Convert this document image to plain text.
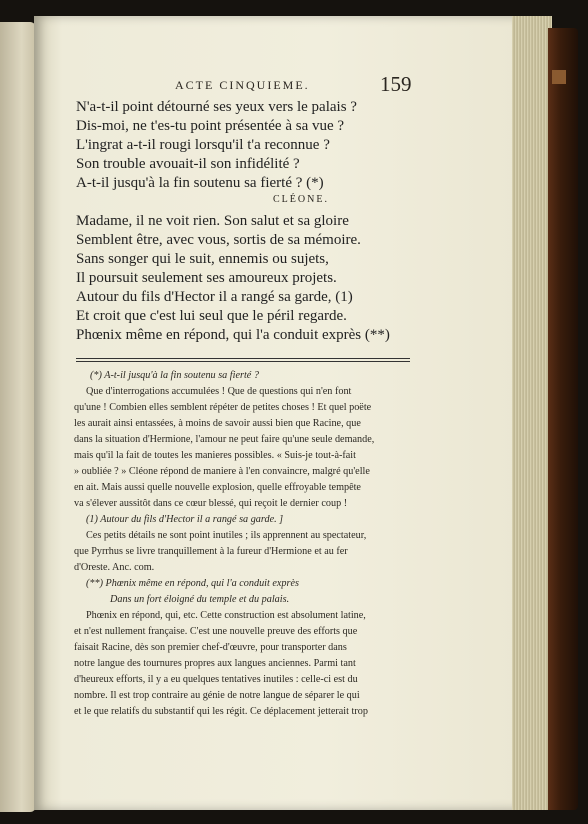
ACTE CINQUIEME.	159
N'a-t-il point détourné ses yeux vers le palais ?
Dis-moi, ne t'es-tu point présentée à sa vue ?
L'ingrat a-t-il rougi lorsqu'il t'a reconnue ?
Son trouble avouait-il son infidélité ?
A-t-il jusqu'à la fin soutenu sa fierté ? (*)
CLÉONE.
Madame, il ne voit rien. Son salut et sa gloire
Semblent être, avec vous, sortis de sa mémoire.
Sans songer qui le suit, ennemis ou sujets,
Il poursuit seulement ses amoureux projets.
Autour du fils d'Hector il a rangé sa garde, (1)
Et croit que c'est lui seul que le péril regarde.
Phœnix même en répond, qui l'a conduit exprès (**)
(*) A-t-il jusqu'à la fin soutenu sa fierté ?
Que d'interrogations accumulées ! Que de questions qui n'en font
qu'une ! Combien elles semblent répéter de petites choses ! Et quel poëte
les aurait ainsi entassées, à moins de savoir aussi bien que Racine, que
dans la situation d'Hermione, l'amour ne peut faire qu'une seule demande,
mais qu'il la fait de toutes les manieres possibles. « Suis-je tout-à-fait
» oubliée ? » Cléone répond de maniere à l'en convaincre, malgré qu'elle
en ait. Mais aussi quelle nouvelle explosion, quelle effroyable tempête
va s'élever aussitôt dans ce cœur blessé, qui reçoit le dernier coup !
(1) Autour du fils d'Hector il a rangé sa garde. ]
Ces petits détails ne sont point inutiles ; ils apprennent au spectateur,
que Pyrrhus se livre tranquillement à la fureur d'Hermione et au fer
d'Oreste. Anc. com.
(**) Phœnix même en répond, qui l'a conduit exprès
Dans un fort éloigné du temple et du palais.
Phœnix en répond, qui, etc. Cette construction est absolument latine,
et n'est nullement française. C'est une nouvelle preuve des efforts que
faisait Racine, dès son premier chef-d'œuvre, pour transporter dans
notre langue des tournures propres aux langues anciennes. Parmi tant
d'heureux efforts, il y a eu quelques tentatives inutiles : celle-ci est du
nombre. Il est trop contraire au génie de notre langue de séparer le qui
et le que relatifs du substantif qui les régit. Ce déplacement jetterait trop
